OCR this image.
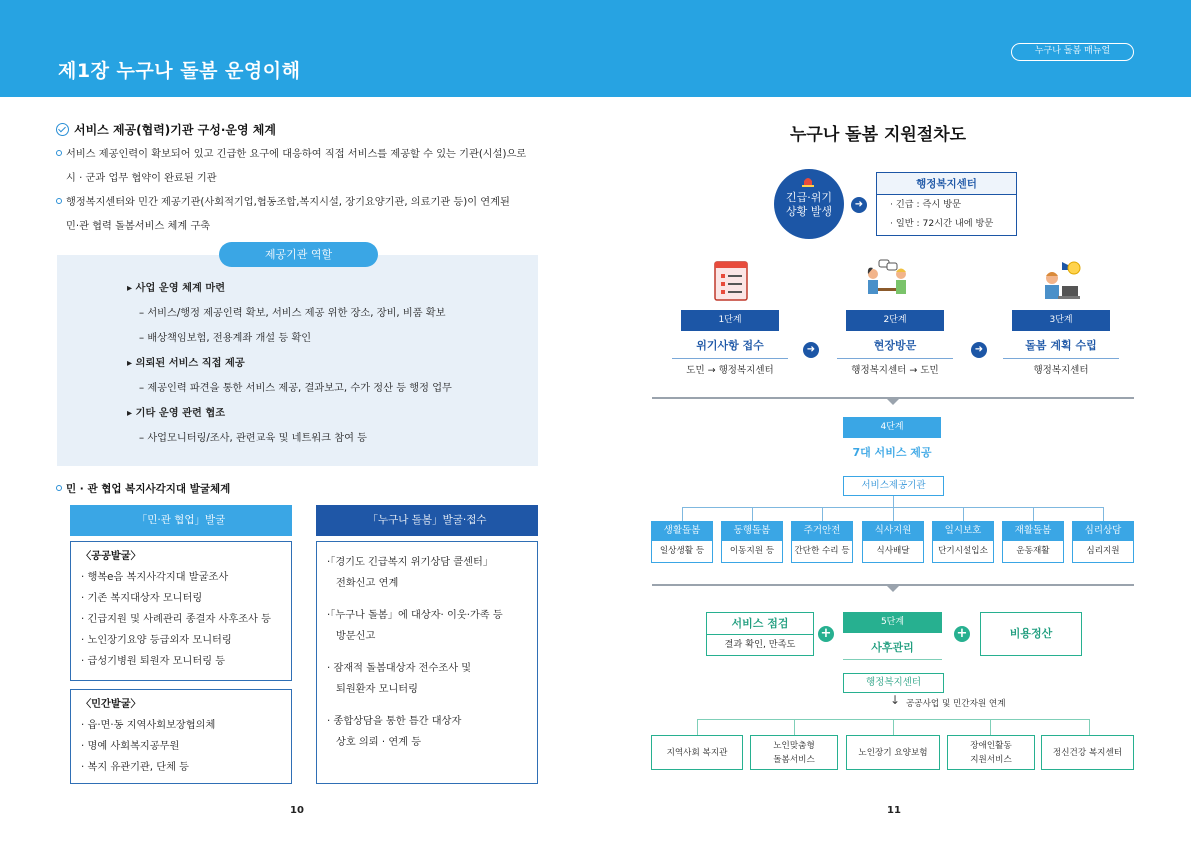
제1장 누구나 돌봄 운영이해
누구나 돌봄 매뉴얼
서비스 제공(협력)기관 구성·운영 체계
서비스 제공인력이 확보되어 있고 긴급한 요구에 대응하여 직접 서비스를 제공할 수 있는 기관(시설)으로
시 · 군과 업무 협약이 완료된 기관
행정복지센터와 민간 제공기관(사회적기업,협동조합,복지시설, 장기요양기관, 의료기관 등)이 연계된
민·관 협력 돌봄서비스 체계 구축
제공기관 역할
▸ 사업 운영 체계 마련
– 서비스/행정 제공인력 확보, 서비스 제공 위한 장소, 장비, 비품 확보
– 배상책임보험, 전용계좌 개설 등 확인
▸ 의뢰된 서비스 직접 제공
– 제공인력 파견을 통한 서비스 제공, 결과보고, 수가 정산 등 행정 업무
▸ 기타 운영 관련 협조
– 사업모니터링/조사, 관련교육 및 네트워크 참여 등
민 · 관 협업 복지사각지대 발굴체계
「민·관 협업」발굴	「누구나 돌봄」발굴·접수
〈공공발굴〉
· 행복e음 복지사각지대 발굴조사
· 기존 복지대상자 모니터링
· 긴급지원 및 사례관리 종결자 사후조사 등
· 노인장기요양 등급외자 모니터링
· 급성기병원 퇴원자 모니터링 등
〈민간발굴〉
· 읍·면·동 지역사회보장협의체
· 명예 사회복지공무원
· 복지 유관기관, 단체 등
·「경기도 긴급복지 위기상담 콜센터」
전화신고 연계
·「누구나 돌봄」에 대상자· 이웃·가족 등
방문신고
· 잠재적 돌봄대상자 전수조사 및
퇴원환자 모니터링
· 종합상담을 통한 틈간 대상자
상호 의뢰 · 연계 등
10
누구나 돌봄 지원절차도
긴급·위기
상황 발생
➜
행정복지센터
· 긴급 : 즉시 방문
· 일반 : 72시간 내에 방문
1단계
위기사항 접수
도민 → 행정복지센터
➜
2단계
현장방문
행정복지센터 → 도민
➜
3단계
돌봄 계획 수립
행정복지센터
4단계
7대 서비스 제공
서비스제공기관
생활돌봄
일상생활 등
동행돌봄
이동지원 등
주거안전
간단한 수리 등
식사지원
식사배달
일시보호
단기시설입소
재활돌봄
운동재활
심리상담
심리지원
서비스 점검
결과 확인, 만족도
+
5단계
사후관리
+	비용정산
행정복지센터
↓ 공공사업 및 민간자원 연계
지역사회 복지관
노인맞춤형
돌봄서비스
노인장기 요양보험
장애인활동
지원서비스
정신건강 복지센터
11
